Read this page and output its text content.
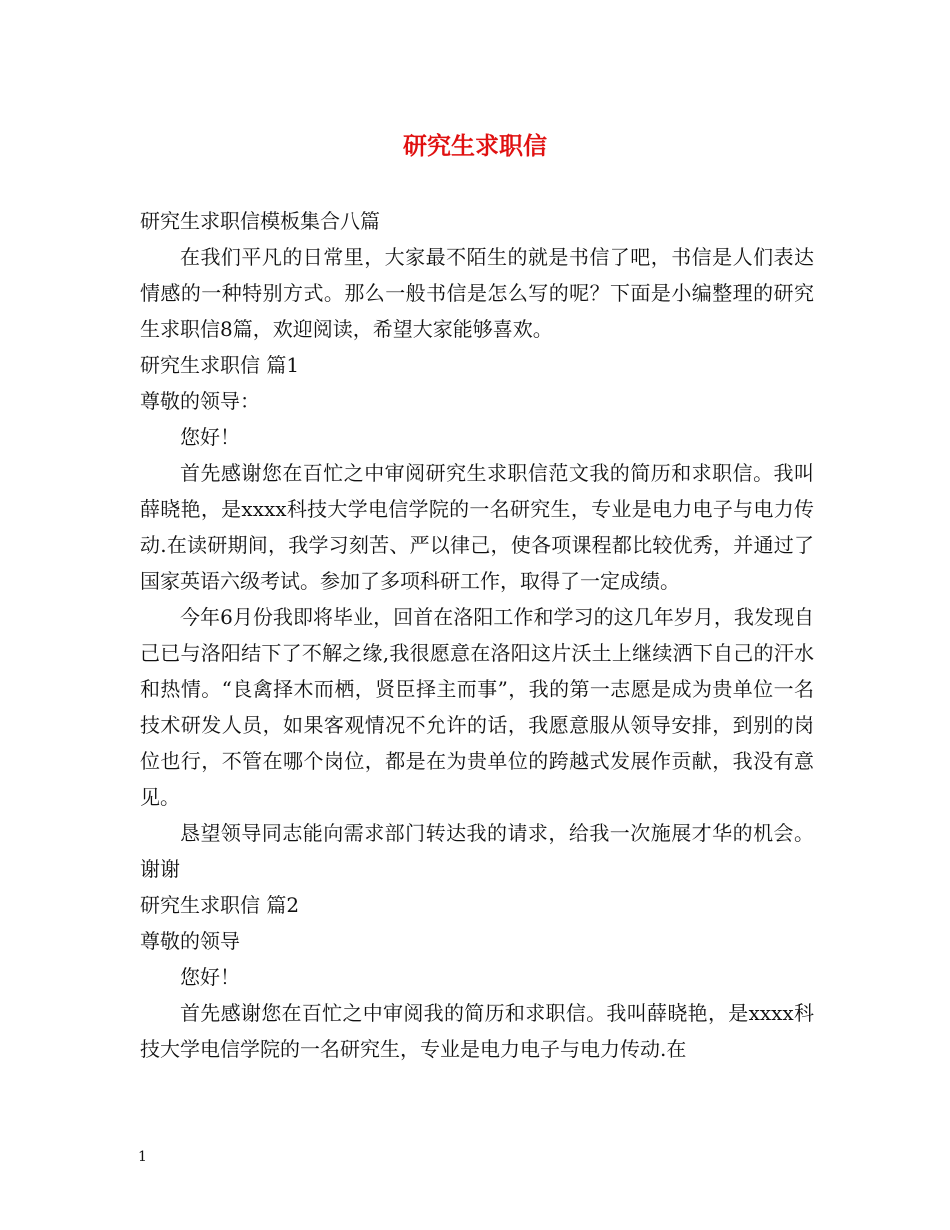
研究生求职信

研究生求职信模板集合八篇

在我们平凡的日常里，大家最不陌生的就是书信了吧，书信是人们表达情感的一种特别方式。那么一般书信是怎么写的呢？下面是小编整理的研究生求职信8篇，欢迎阅读，希望大家能够喜欢。

研究生求职信 篇1

尊敬的领导：

您好！

首先感谢您在百忙之中审阅研究生求职信范文我的简历和求职信。我叫薛晓艳，是xxxx科技大学电信学院的一名研究生，专业是电力电子与电力传动.在读研期间，我学习刻苦、严以律己，使各项课程都比较优秀，并通过了国家英语六级考试。参加了多项科研工作，取得了一定成绩。

今年6月份我即将毕业，回首在洛阳工作和学习的这几年岁月，我发现自己已与洛阳结下了不解之缘,我很愿意在洛阳这片沃土上继续洒下自己的汗水和热情。“良禽择木而栖，贤臣择主而事”，我的第一志愿是成为贵单位一名技术研发人员，如果客观情况不允许的话，我愿意服从领导安排，到别的岗位也行，不管在哪个岗位，都是在为贵单位的跨越式发展作贡献，我没有意见。

恳望领导同志能向需求部门转达我的请求，给我一次施展才华的机会。谢谢

研究生求职信 篇2

尊敬的领导

您好！

首先感谢您在百忙之中审阅我的简历和求职信。我叫薛晓艳，是xxxx科技大学电信学院的一名研究生，专业是电力电子与电力传动.在

1
